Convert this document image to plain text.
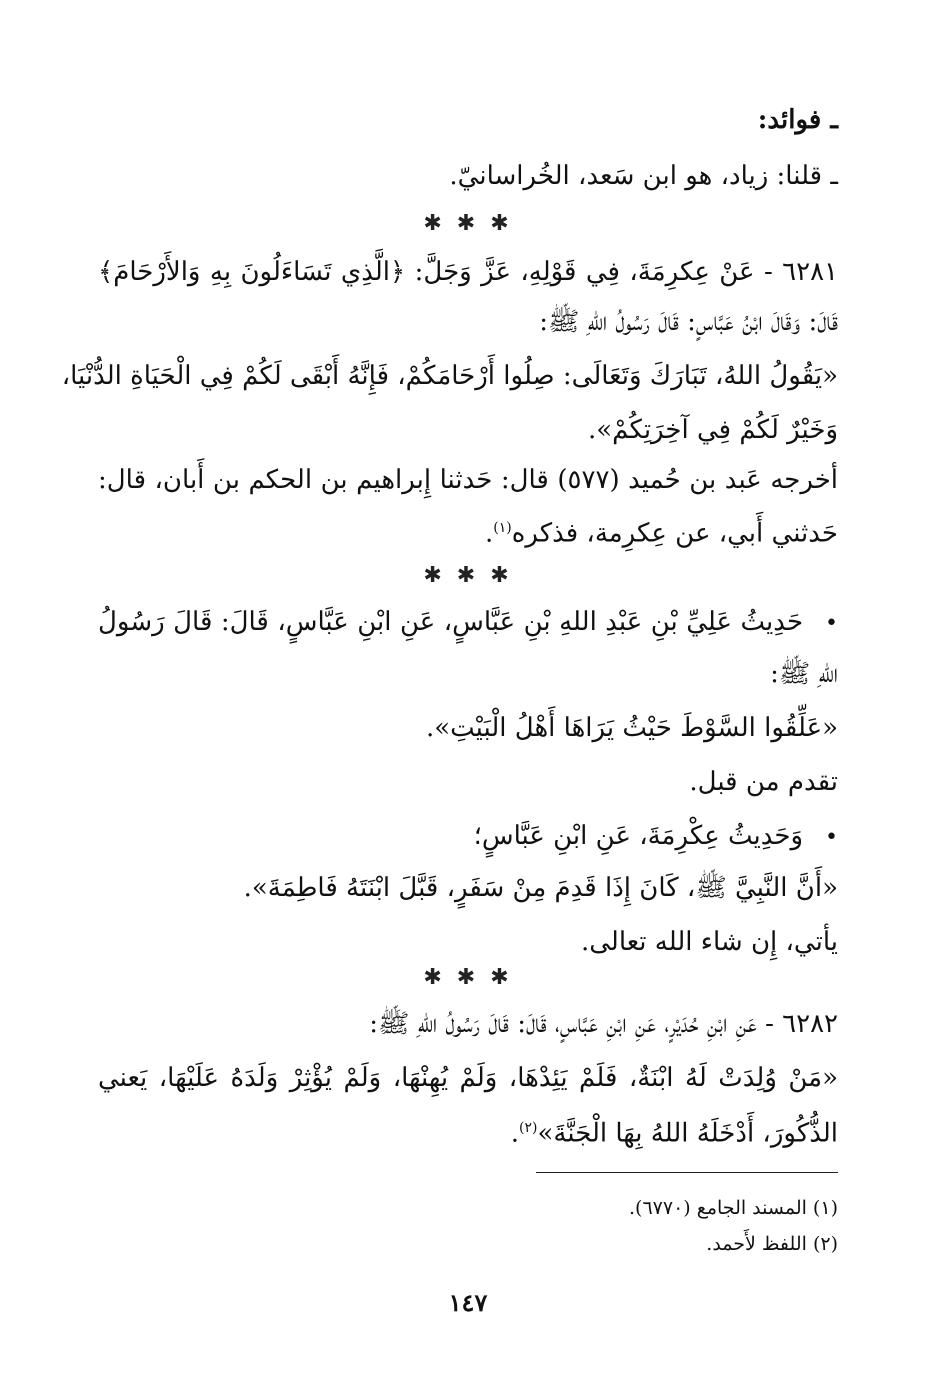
ـ فوائد:
ـ قلنا: زياد، هو ابن سَعد، الخُراسانيّ.
✱ ✱ ✱
٦٢٨١ - عَنْ عِكرِمَةَ، فِي قَوْلِهِ، عَزَّ وَجَلَّ: ﴿الَّذِي تَسَاءَلُونَ بِهِ وَالأَرْحَامَ﴾
قَالَ: وَقَالَ ابْنُ عَبَّاسٍ: قَالَ رَسُولُ اللهِ ﷺ:
«يَقُولُ اللهُ، تَبَارَكَ وَتَعَالَى: صِلُوا أَرْحَامَكُمْ، فَإِنَّهُ أَبْقَى لَكُمْ فِي الْحَيَاةِ الدُّنْيَا،
وَخَيْرٌ لَكُمْ فِي آخِرَتِكُمْ».
أخرجه عَبد بن حُميد (٥٧٧) قال: حَدثنا إِبراهيم بن الحكم بن أَبان، قال:
حَدثني أَبي، عن عِكرِمة، فذكره$^{(١)}$.
✱ ✱ ✱
•حَدِيثُ عَلِيِّ بْنِ عَبْدِ اللهِ بْنِ عَبَّاسٍ، عَنِ ابْنِ عَبَّاسٍ، قَالَ: قَالَ رَسُولُ
اللهِ ﷺ:
«عَلِّقُوا السَّوْطَ حَيْثُ يَرَاهَا أَهْلُ الْبَيْتِ».
تقدم من قبل.
•وَحَدِيثُ عِكْرِمَةَ، عَنِ ابْنِ عَبَّاسٍ؛
«أَنَّ النَّبِيَّ ﷺ، كَانَ إِذَا قَدِمَ مِنْ سَفَرٍ، قَبَّلَ ابْنَتَهُ فَاطِمَةَ».
يأتي، إِن شاء الله تعالى.
✱ ✱ ✱
٦٢٨٢ - عَنِ ابْنِ حُدَيْرٍ، عَنِ ابْنِ عَبَّاسٍ، قَالَ: قَالَ رَسُولُ اللهِ ﷺ:
«مَنْ وُلِدَتْ لَهُ ابْنَةٌ، فَلَمْ يَئِدْهَا، وَلَمْ يُهِنْهَا، وَلَمْ يُؤْثِرْ وَلَدَهُ عَلَيْهَا، يَعني
الذُّكُورَ، أَدْخَلَهُ اللهُ بِهَا الْجَنَّةَ»$^{(٢)}$.
(١) المسند الجامع (٦٧٧٠).
(٢) اللفظ لأَحمد.
١٤٧
